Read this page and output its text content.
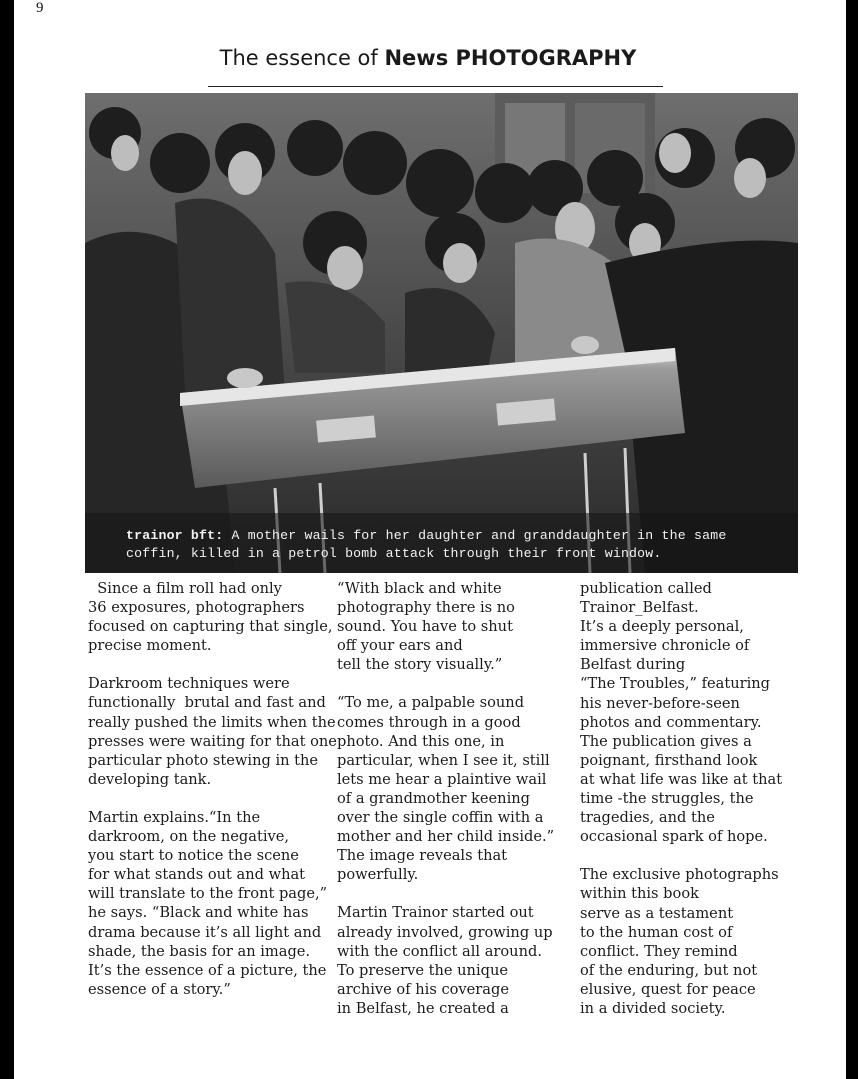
9
The essence of News PHOTOGRAPHY
trainor bft: A mother wails for her daughter and granddaughter in the same coffin, killed in a petrol bomb attack through their front window.

Since a film roll had only

36 exposures, photographers

focused on capturing that single,

precise moment.

Darkroom techniques were

functionally  brutal and fast and

really pushed the limits when the

presses were waiting for that one

particular photo stewing in the

developing tank.

Martin explains.“In the

darkroom, on the negative,

you start to notice the scene

for what stands out and what

will translate to the front page,”

he says. “Black and white has

drama because it’s all light and

shade, the basis for an image.

It’s the essence of a picture, the

essence of a story.”

“With black and white

photography there is no

sound. You have to shut

off your ears and

tell the story visually.”

“To me, a palpable sound

comes through in a good

photo. And this one, in

particular, when I see it, still

lets me hear a plaintive wail

of a grandmother keening

over the single coffin with a

mother and her child inside.”

The image reveals that

powerfully.

Martin Trainor started out

already involved, growing up

with the conflict all around.

To preserve the unique

archive of his coverage

in Belfast, he created a

publication called

Trainor_Belfast.

It’s a deeply personal,

immersive chronicle of

Belfast during

“The Troubles,” featuring

his never-before-seen

photos and commentary.

The publication gives a

poignant, firsthand look

at what life was like at that

time -the struggles, the

tragedies, and the

occasional spark of hope.

The exclusive photographs

within this book

serve as a testament

to the human cost of

conflict. They remind

of the enduring, but not

elusive, quest for peace

in a divided society.
